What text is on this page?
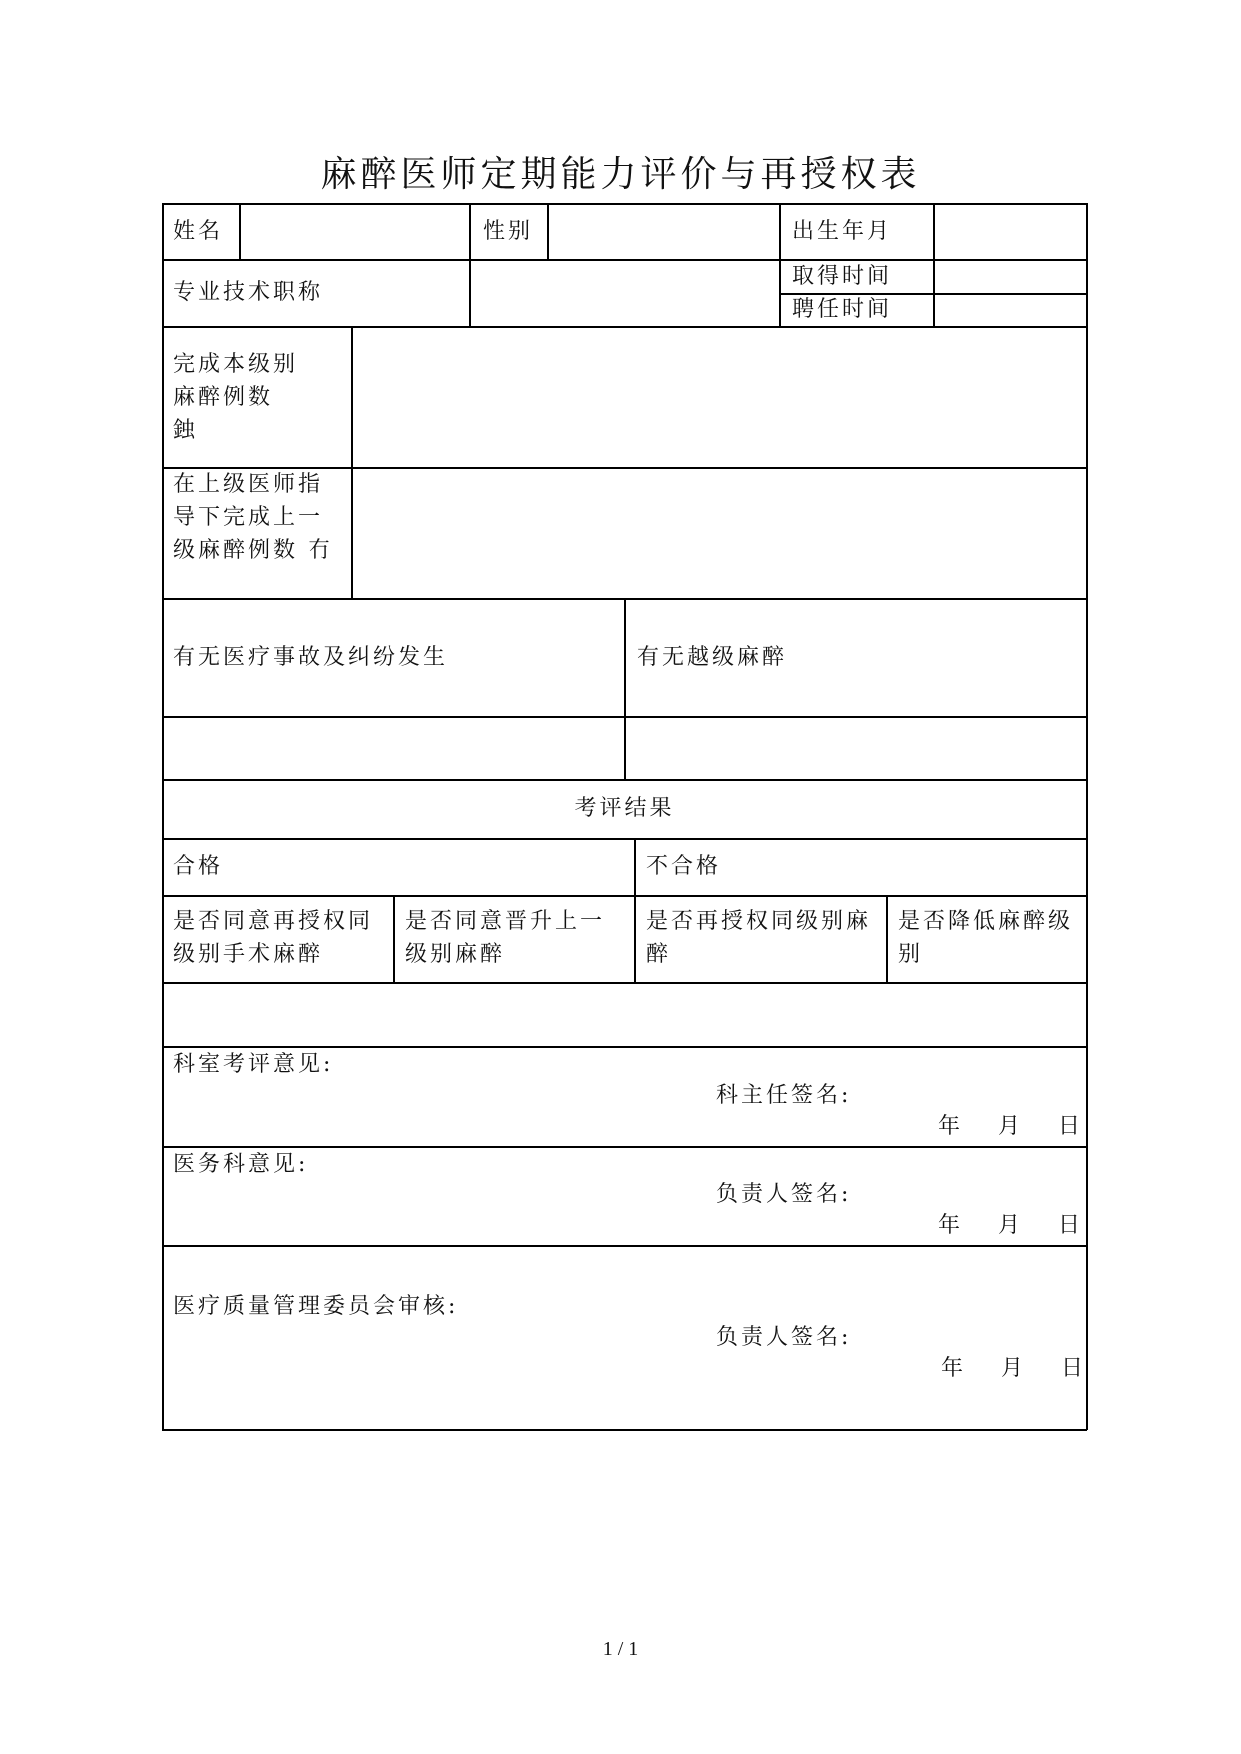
麻醉医师定期能力评价与再授权表
姓名	性别	出生年月
专业技术职称
取得时间
聘任时间
完成本级别
麻醉例数
鉵
在上级医师指
导下完成上一
级麻醉例数 冇
有无医疗事故及纠纷发生	有无越级麻醉
考评结果
合格	不合格
是否同意再授权同
级别手术麻醉
是否同意晋升上一
级别麻醉
是否再授权同级别麻
醉
是否降低麻醉级
别
科室考评意见:
科主任签名:
年　 月　 日
医务科意见:
负责人签名:
年　 月　 日
医疗质量管理委员会审核:
负责人签名:
年　 月　 日
1 / 1
